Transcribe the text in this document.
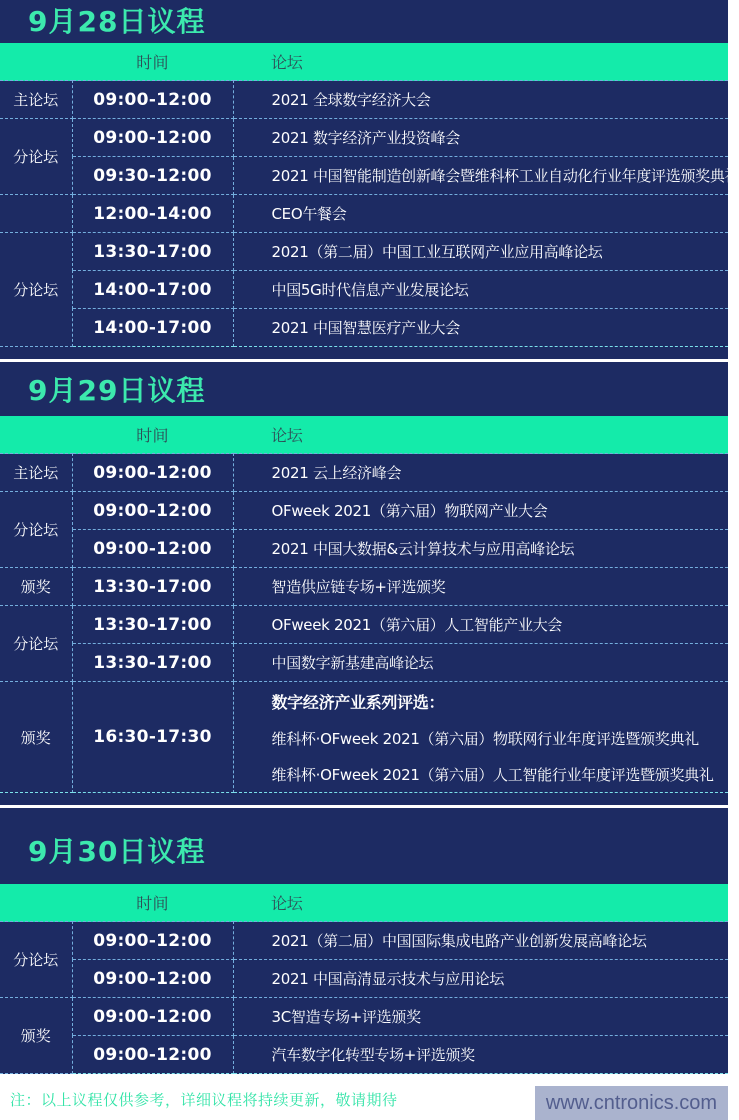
9月28日议程
	时间	论坛
主论坛	09:00-12:00	2021 全球数字经济大会
分论坛	09:00-12:00	2021 数字经济产业投资峰会
	09:30-12:00	2021 中国智能制造创新峰会暨维科杯工业自动化行业年度评选颁奖典礼
	12:00-14:00	CEO午餐会
分论坛	13:30-17:00	2021（第二届）中国工业互联网产业应用高峰论坛
	14:00-17:00	中国5G时代信息产业发展论坛
	14:00-17:00	2021 中国智慧医疗产业大会
9月29日议程
	时间	论坛
主论坛	09:00-12:00	2021 云上经济峰会
分论坛	09:00-12:00	OFweek 2021（第六届）物联网产业大会
	09:00-12:00	2021 中国大数据&云计算技术与应用高峰论坛
颁奖	13:30-17:00	智造供应链专场+评选颁奖
分论坛	13:30-17:00	OFweek 2021（第六届）人工智能产业大会
	13:30-17:00	中国数字新基建高峰论坛
颁奖	16:30-17:30	数字经济产业系列评选：
维科杯·OFweek 2021（第六届）物联网行业年度评选暨颁奖典礼
维科杯·OFweek 2021（第六届）人工智能行业年度评选暨颁奖典礼
9月30日议程
	时间	论坛
分论坛	09:00-12:00	2021（第二届）中国国际集成电路产业创新发展高峰论坛
	09:00-12:00	2021 中国高清显示技术与应用论坛
颁奖	09:00-12:00	3C智造专场+评选颁奖
	09:00-12:00	汽车数字化转型专场+评选颁奖
注：以上议程仅供参考，详细议程将持续更新，敬请期待	www.cntronics.com
